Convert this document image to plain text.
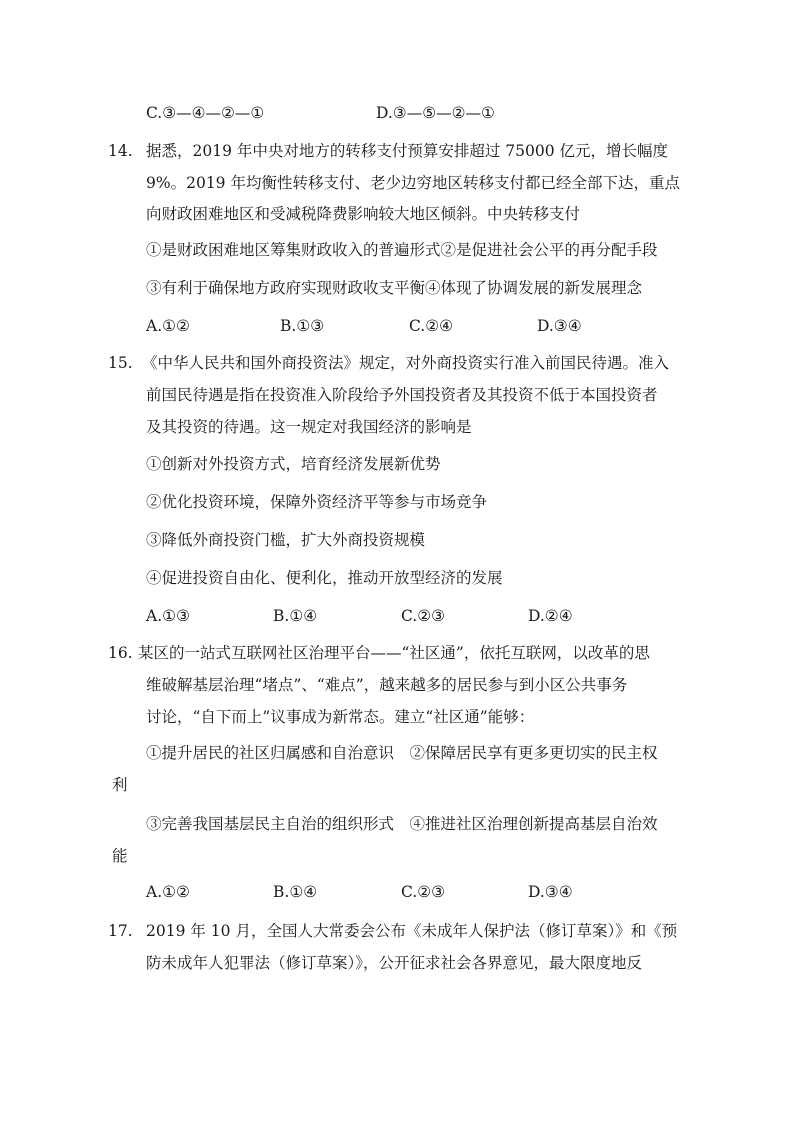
C.③—④—②—①	D.③—⑤—②—①
14. 据悉，2019 年中央对地方的转移支付预算安排超过 75000 亿元，增长幅度
9%。2019 年均衡性转移支付、老少边穷地区转移支付都已经全部下达，重点
向财政困难地区和受减税降费影响较大地区倾斜。中央转移支付
①是财政困难地区筹集财政收入的普遍形式②是促进社会公平的再分配手段
③有利于确保地方政府实现财政收支平衡④体现了协调发展的新发展理念
A.①②	B.①③	C.②④	D.③④
15. 《中华人民共和国外商投资法》规定，对外商投资实行准入前国民待遇。准入
前国民待遇是指在投资准入阶段给予外国投资者及其投资不低于本国投资者
及其投资的待遇。这一规定对我国经济的影响是
①创新对外投资方式，培育经济发展新优势
②优化投资环境，保障外资经济平等参与市场竞争
③降低外商投资门槛，扩大外商投资规模
④促进投资自由化、便利化，推动开放型经济的发展
A.①③	B.①④	C.②③	D.②④
16. 某区的一站式互联网社区治理平台——“社区通”，依托互联网，以改革的思
维破解基层治理“堵点”、“难点”，越来越多的居民参与到小区公共事务
讨论，“自下而上”议事成为新常态。建立“社区通”能够：
①提升居民的社区归属感和自治意识　②保障居民享有更多更切实的民主权
利
③完善我国基层民主自治的组织形式　④推进社区治理创新提高基层自治效
能
A.①②	B.①④	C.②③	D.③④
17. 2019 年 10 月，全国人大常委会公布《未成年人保护法（修订草案）》和《预
防未成年人犯罪法（修订草案）》，公开征求社会各界意见，最大限度地反
